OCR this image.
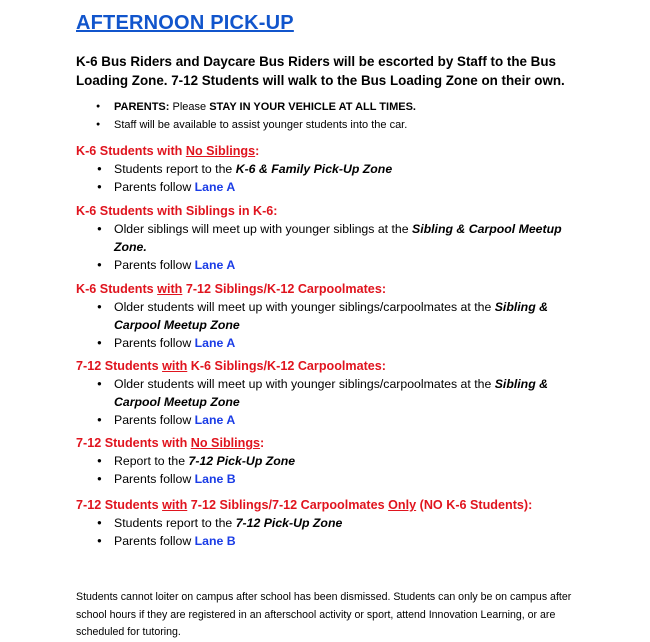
AFTERNOON PICK-UP

K-6 Bus Riders and Daycare Bus Riders will be escorted by Staff to the Bus Loading Zone. 7-12 Students will walk to the Bus Loading Zone on their own.

● PARENTS: Please STAY IN YOUR VEHICLE AT ALL TIMES.
● Staff will be available to assist younger students into the car.
K-6 Students with No Siblings:
● Students report to the K-6 & Family Pick-Up Zone
● Parents follow Lane A
K-6 Students with Siblings in K-6:
● Older siblings will meet up with younger siblings at the Sibling & Carpool Meetup Zone.
● Parents follow Lane A
K-6 Students with 7-12 Siblings/K-12 Carpoolmates:
● Older students will meet up with younger siblings/carpoolmates at the Sibling & Carpool Meetup Zone
● Parents follow Lane A
7-12 Students with K-6 Siblings/K-12 Carpoolmates:
● Older students will meet up with younger siblings/carpoolmates at the Sibling & Carpool Meetup Zone
● Parents follow Lane A
7-12 Students with No Siblings:
● Report to the 7-12 Pick-Up Zone
● Parents follow Lane B
7-12 Students with 7-12 Siblings/7-12 Carpoolmates Only (NO K-6 Students):
● Students report to the 7-12 Pick-Up Zone
● Parents follow Lane B

Students cannot loiter on campus after school has been dismissed. Students can only be on campus after school hours if they are registered in an afterschool activity or sport, attend Innovation Learning, or are scheduled for tutoring.
